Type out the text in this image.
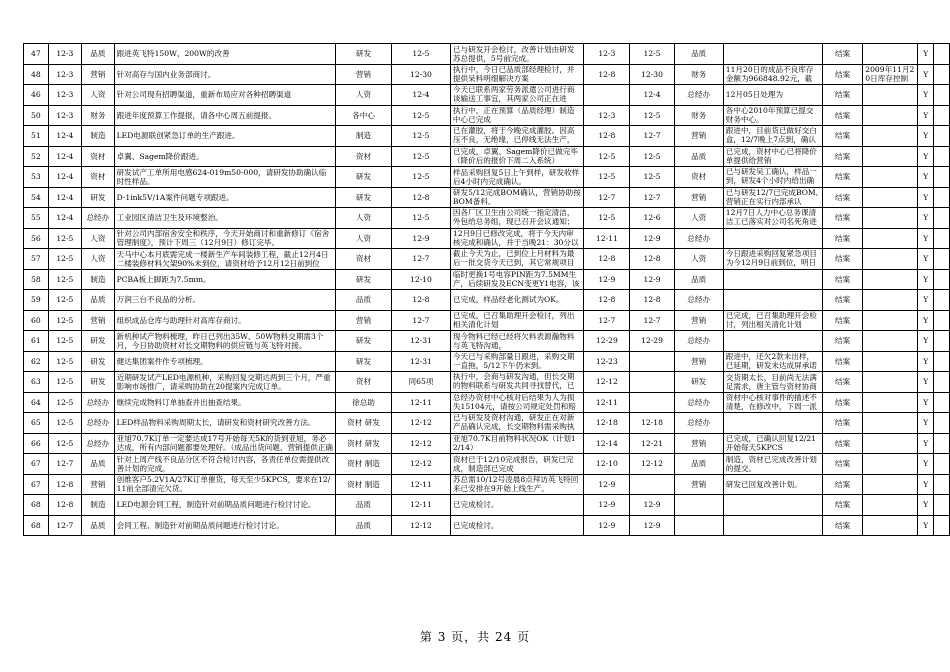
47	12-3	品质	跟进英飞特150W、200W的改善	研发	12-5	已与研发开会检讨，改善计划由研发苏总提供，5号前完成。	12-3	12-5	品质		结案		Y	

48	12-3	营销	针对高存与国内业务部商讨。	营销	12-30	执行中，今日已品质部经理检讨，并提供呆料明细解决方案	12-8	12-30	财务	11月20日的成品不良库存金额为966848.92元，截	结案	2009年11月20日库存控制	Y	

46	12-3	人资	针对公司现有招聘渠道，重新布局应对各种招聘渠道	人资	12-4	今天已联系两家劳务派遣公司进行商谈输送工事宜，其两家公司正在进		12-4	总经办	12月05日处理为	结案		Y	

50	12-3	财务	跟进年度预算工作提报，请各中心周五前提报。	各中心	12-5	执行中，正在预算（品质经理）制造中心已完成	12-3	12-5	财务	各中心2010年预算已提交财务中心。	结案		Y	

51	12-4	制造	LED电源联创紧急订单的生产跟进。	制造	12-5	已在灌胶，将于今晚完成灌胶。因高压不良，无绝缘，已停线无法生产，	12-8	12-7	营销	跟进中，目前货已做好交白盒，12/7晚上7点到，确认	结案		Y	

52	12-4	资材	卓翼、Sagem降价跟进。	资材	12-5	已完成，卓翼、Sagem降价已做完毕（降价后的报价下周二入系统）	12-5	12-5	品质	已完成，资材中心已将降价单提供给营销	结案		Y	

53	12-4	资材	研发试产工单所用电感624-019m50-000，请研发协助确认临时性样品。	研发	12-5	样品采购回复5日上午到样，研发收样后4小时内完成确认。	12-5	12-5	资材	已与研发吴工确认，样品一到，研发4个小时内给出确	结案		Y	

54	12-4	研发	D-1ink5V/1A案件问题专项跟进。	研发	12-8	研发5/12完成BOM确认，营销协助按BOM备料。	12-7	12-7	营销	已与研发12/7已完成BOM,营销正在实行内部承认	结案		Y	

55	12-4	总经办	工业园区清洁卫生及环境整治。	人资	12-5	因各厂区卫生由公司统一指定清洁，外包给总务组，现已召开会议通知；	12-5	12-6	人资	12月7日人力中心总务课清洁工已落实对公司名死角进	结案		Y	

56	12-5	人资	针对公司内部宿舍安全和秩序，今天开始商讨和重新修订《宿舍管理制度》，预计下周三（12月9日）修订完毕。	人资	12-9	12月9日已修改完成，将于今天内审核完成和确认，并于当晚21：30分以	12-11	12-9	总经办		结案		Y	

57	12-5	人资	天马中心本月底需完成一楼新生产车间装修工程，截止12月4日二楼装修材料欠架90%未到位，请资材给予12月12日前到位	资材	12-7	截止今天为止，已到位上月材料为最后一批交货今天已到，其它常规项目	12-8	12-8	人资	今日跟进采购回复紧急项目为今12月9日前到位，明日	结案		Y	

58	12-5	制造	PCBA板上脚距为7.5mm。	研发	12-10	临时更换1号电容PIN距为7.5MM生产，后续研发及ECN变更Y1电容，该	12-9	12-9	品质		结案		Y	

59	12-5	品质	万润三台不良品的分析。	品质	12-8	已完成，样品经老化测试为OK。	12-8	12-8	总经办		结案		Y	

60	12-5	营销	组织成品仓库与助理针对高库存商讨。	营销	12-7	已完成，已召集助理开会检讨，列出相关清化计划	12-7	12-7	营销	已完成，已召集助理开会检讨，列出相关清化计划	结案		Y	

61	12-5	研发	新机种试产物料梳理，昨日已列出35W、50W物料交期需3个月，今日协助资材对长交期物料的供应链与英飞特对接。	研发	12-31	现今物料已经已经将欠料表源瀚物料与英飞特沟通，	12-29	12-29	总经办		结案		Y	

62	12-5	研发	健达集团案件作专项梳理。	研发	12-31	今天已与采购部量日跟进，采购交期一直拖，5/12下午仍未到。	12-23		营销	跟进中，还欠2款未出样，已延期，研发未达成屏承诺	结案		Y	

63	12-5	研发	近期研发试产LED电源机种，采购回复交期达两到三个月，严重影响市场推广，请采购协助在20提案内完成订单。	资材	同65项	执行中，会商与研发沟通，但长交期的物料联系与研发共同寻找替代，已	12-12		研发	交货期太长，目前尚无法满足需求，唐主管与资材协商	结案		Y	

64	12-5	总经办	继续完成物料订单抽查并出抽查结果。	徐总助	12-11	总经办资材中心核对后结果为人为损失15104元，请按公司规定处罚和赔	12-11		总经办	资材中心核对事件的描述不清楚，在修改中，下周一派	结案		Y	

65	12-5	总经办	LED样品物料采购周期太长，请研发和资材研究改善方法。	资材 研发	12-12	已与研发及资材沟通，研发正在对新产品确认完成，长交期物料需采购执	12-18	12-18	总经办		结案		Y	

66	12-5	总经办	亚旭70.7K订单一定要达成17号开始每天5K的货到亚旭，务必达成，所有内部问题都要处理好。（成品出货问题、营销提供正确	资材 研发	12-12	亚旭70.7K目前物料状况OK（计划12/14）	12-14	12-21	营销	已完成，已确认回复12/21开始每天5KPCS	结案		Y	

67	12-7	品质	针对上周产线不良品分区不符合检讨内容，各责任单位需提供改善计划的完成。	资材 制造	12-12	资材已于12/10完成报告，研发已完成，制造部已完成	12-10	12-12	品质	制造，资材已完成改善计划的提交。	结案		Y	

67	12-8	营销	创维客户5.2V1A/27K订单催货，每天至少5KPCS，要求在12/11前全部清完欠货。	资材 制造	12-11	苏总需10/12号凌晨8点拜访英飞特回来已安排在9开始上线生产。	12-9		营销	研发已回复改善计划。	结案		Y	

68	12-8	制造	LED电源会同工程，制造针对前期品质问题进行检讨讨论。	品质	12-11	已完成检讨。	12-9	12-9			结案		Y	

68	12-7	品质	会同工程、制造针对前期品质问题进行检讨讨论。	品质	12-12	已完成检讨。	12-9	12-9			结案		Y	

第 3 页，共 24 页
